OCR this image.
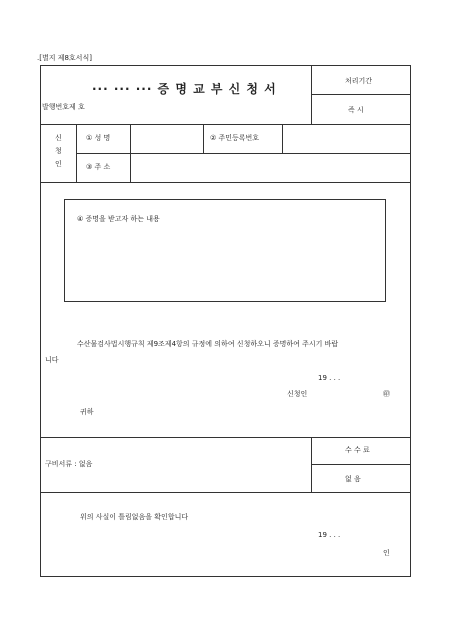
.[별지 제8호서식]
··· ··· ··· 증 명 교 부 신 청 서
발행번호제 호
처리기간
즉 시
신
청
인
① 성 명	② 주민등록번호
③ 주 소
④ 증명을 받고자 하는 내용
수산물검사법시행규칙 제9조제4항의 규정에 의하여 신청하오니 증명하여 주시기 바랍
니다
19 . . .
신청인	㊞
귀하
구비서류 : 없음
수 수 료
없 음
위의 사실이 틀림없음을 확인합니다
19 . . .
인
